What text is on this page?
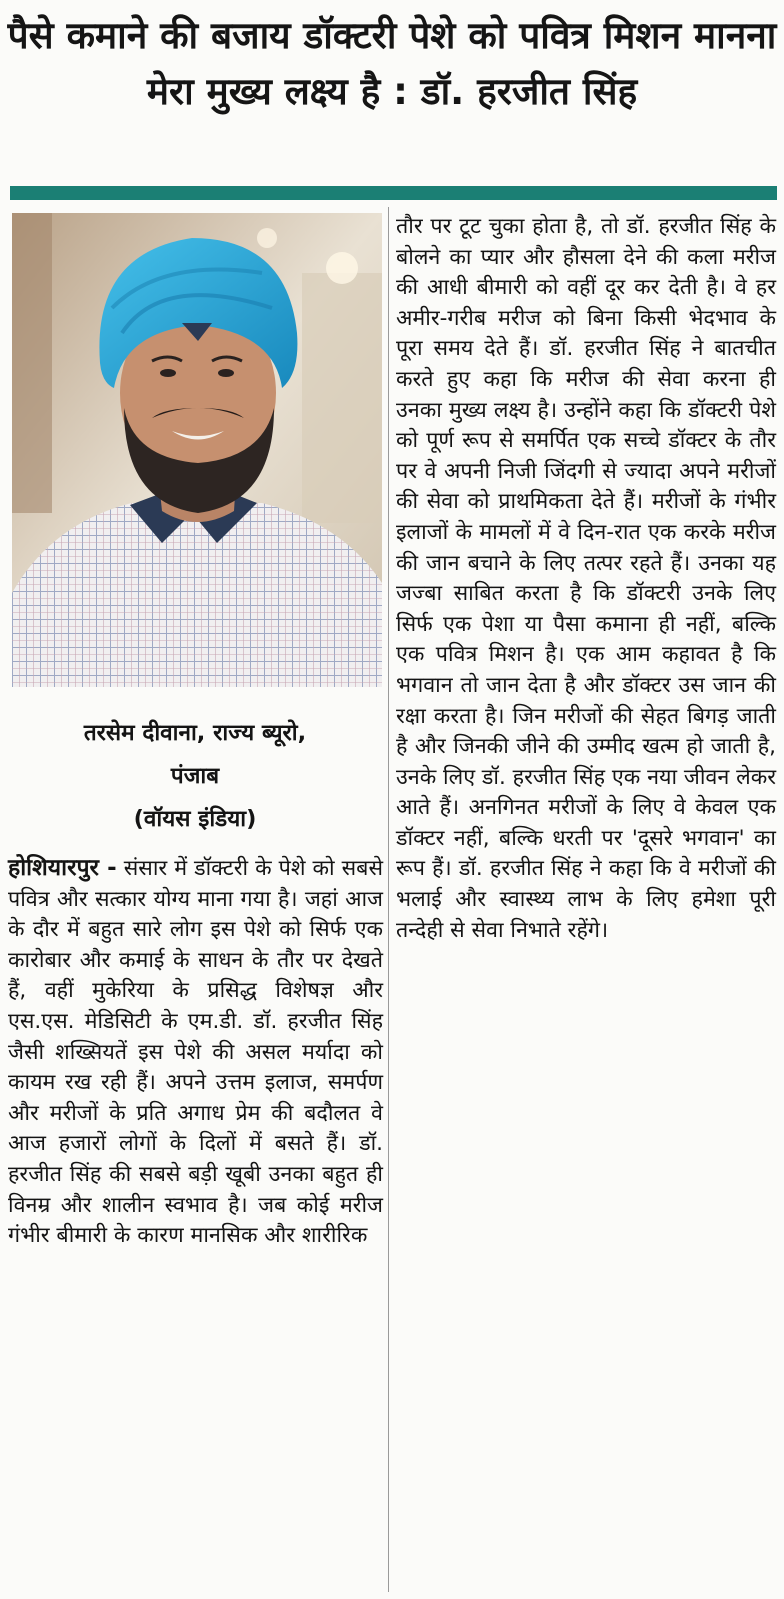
पैसे कमाने की बजाय डॉक्टरी पेशे को पवित्र मिशन मानना मेरा मुख्य लक्ष्य है : डॉ. हरजीत सिंह
तरसेम दीवाना, राज्य ब्यूरो,
पंजाब
(वॉयस इंडिया)

होशियारपुर - संसार में डॉक्टरी के पेशे को सबसे पवित्र और सत्कार योग्य माना गया है। जहां आज के दौर में बहुत सारे लोग इस पेशे को सिर्फ एक कारोबार और कमाई के साधन के तौर पर देखते हैं, वहीं मुकेरिया के प्रसिद्ध विशेषज्ञ और एस.एस. मेडिसिटी के एम.डी. डॉ. हरजीत सिंह जैसी शख्सियतें इस पेशे की असल मर्यादा को कायम रख रही हैं। अपने उत्तम इलाज, समर्पण और मरीजों के प्रति अगाध प्रेम की बदौलत वे आज हजारों लोगों के दिलों में बसते हैं। डॉ. हरजीत सिंह की सबसे बड़ी खूबी उनका बहुत ही विनम्र और शालीन स्वभाव है। जब कोई मरीज गंभीर बीमारी के कारण मानसिक और शारीरिक

तौर पर टूट चुका होता है, तो डॉ. हरजीत सिंह के बोलने का प्यार और हौसला देने की कला मरीज की आधी बीमारी को वहीं दूर कर देती है। वे हर अमीर-गरीब मरीज को बिना किसी भेदभाव के पूरा समय देते हैं। डॉ. हरजीत सिंह ने बातचीत करते हुए कहा कि मरीज की सेवा करना ही उनका मुख्य लक्ष्य है। उन्होंने कहा कि डॉक्टरी पेशे को पूर्ण रूप से समर्पित एक सच्चे डॉक्टर के तौर पर वे अपनी निजी जिंदगी से ज्यादा अपने मरीजों की सेवा को प्राथमिकता देते हैं। मरीजों के गंभीर इलाजों के मामलों में वे दिन-रात एक करके मरीज की जान बचाने के लिए तत्पर रहते हैं। उनका यह जज्बा साबित करता है कि डॉक्टरी उनके लिए सिर्फ एक पेशा या पैसा कमाना ही नहीं, बल्कि एक पवित्र मिशन है। एक आम कहावत है कि भगवान तो जान देता है और डॉक्टर उस जान की रक्षा करता है। जिन मरीजों की सेहत बिगड़ जाती है और जिनकी जीने की उम्मीद खत्म हो जाती है, उनके लिए डॉ. हरजीत सिंह एक नया जीवन लेकर आते हैं। अनगिनत मरीजों के लिए वे केवल एक डॉक्टर नहीं, बल्कि धरती पर 'दूसरे भगवान' का रूप हैं। डॉ. हरजीत सिंह ने कहा कि वे मरीजों की भलाई और स्वास्थ्य लाभ के लिए हमेशा पूरी तन्देही से सेवा निभाते रहेंगे।
